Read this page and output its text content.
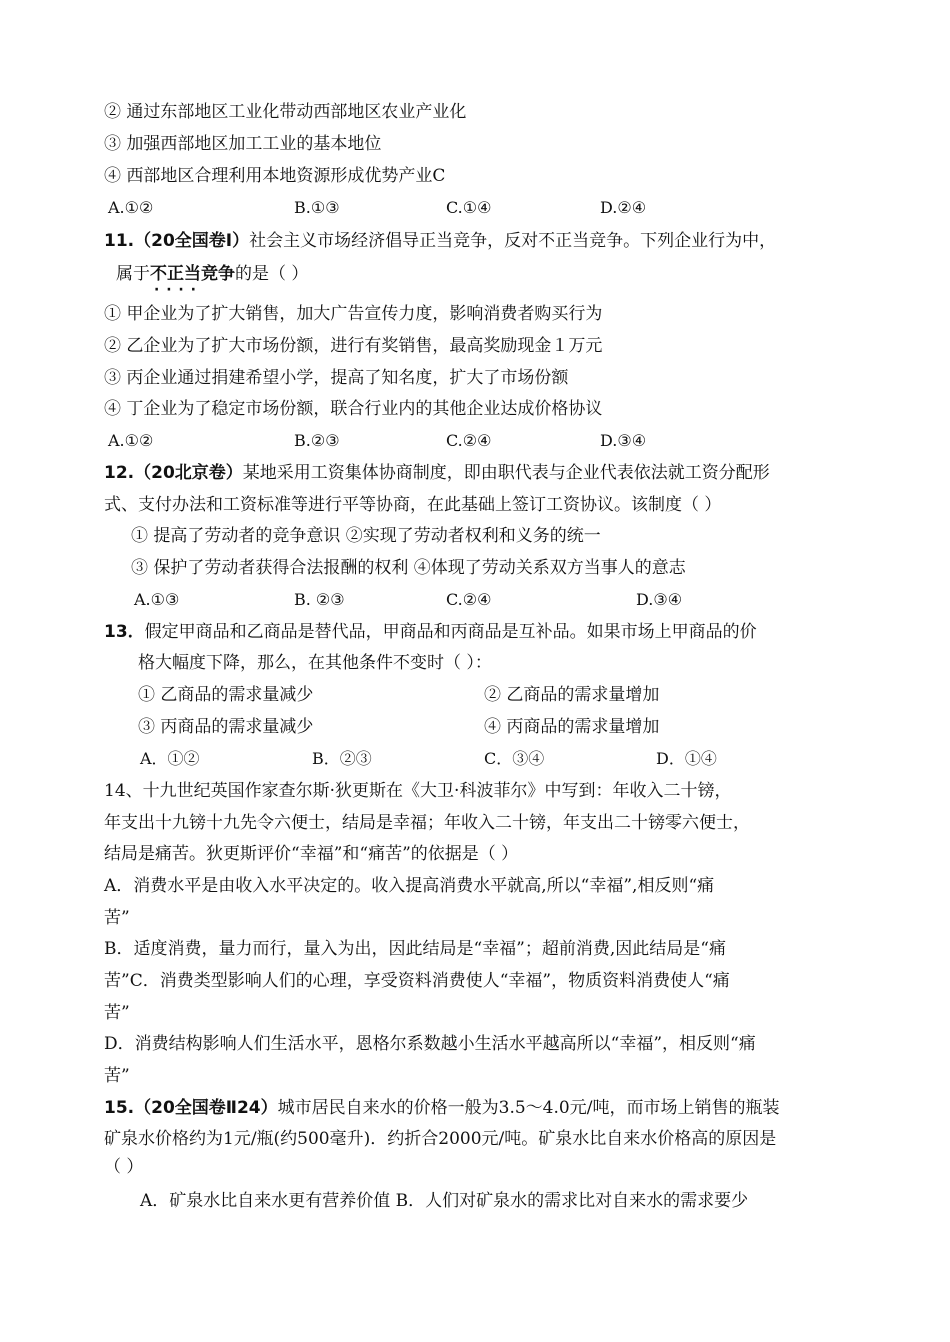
② 通过东部地区工业化带动西部地区农业产业化
③ 加强西部地区加工工业的基本地位
④ 西部地区合理利用本地资源形成优势产业C
A.①②	B.①③	C.①④	D.②④
11.（20全国卷Ⅰ）社会主义市场经济倡导正当竞争，反对不正当竞争。下列企业行为中，
属于不正当竞争 · ·的是（ ）
① 甲企业为了扩大销售，加大广告宣传力度，影响消费者购买行为
② 乙企业为了扩大市场份额，进行有奖销售，最高奖励现金１万元
③ 丙企业通过捐建希望小学，提高了知名度，扩大了市场份额
④ 丁企业为了稳定市场份额，联合行业内的其他企业达成价格协议
A.①②	B.②③	C.②④	D.③④
12.（20北京卷）某地采用工资集体协商制度，即由职代表与企业代表依法就工资分配形
式、支付办法和工资标准等进行平等协商，在此基础上签订工资协议。该制度（ ）
① 提高了劳动者的竞争意识 ②实现了劳动者权利和义务的统一
③ 保护了劳动者获得合法报酬的权利 ④体现了劳动关系双方当事人的意志
A.①③	B. ②③	C.②④	D.③④
13．假定甲商品和乙商品是替代品，甲商品和丙商品是互补品。如果市场上甲商品的价
格大幅度下降，那么，在其他条件不变时（ ）：
① 乙商品的需求量减少	② 乙商品的需求量增加
③ 丙商品的需求量减少	④ 丙商品的需求量增加
A．①②	B．②③	C．③④	D．①④
14、十九世纪英国作家查尔斯·狄更斯在《大卫·科波菲尔》中写到：年收入二十镑，
年支出十九镑十九先令六便士，结局是幸福；年收入二十镑，年支出二十镑零六便士，
结局是痛苦。狄更斯评价“幸福”和“痛苦”的依据是（ ）
A．消费水平是由收入水平决定的。收入提高消费水平就高,所以“幸福”,相反则“痛
苦”
B．适度消费，量力而行，量入为出，因此结局是“幸福”；超前消费,因此结局是“痛
苦”C．消费类型影响人们的心理，享受资料消费使人“幸福”，物质资料消费使人“痛
苦”
D．消费结构影响人们生活水平，恩格尔系数越小生活水平越高所以“幸福”，相反则“痛
苦”
15.（20全国卷Ⅱ24）城市居民自来水的价格一般为3.5～4.0元/吨，而市场上销售的瓶装
矿泉水价格约为1元/瓶(约500毫升)．约折合2000元/吨。矿泉水比自来水价格高的原因是
（ ）
A．矿泉水比自来水更有营养价值 B．人们对矿泉水的需求比对自来水的需求要少
